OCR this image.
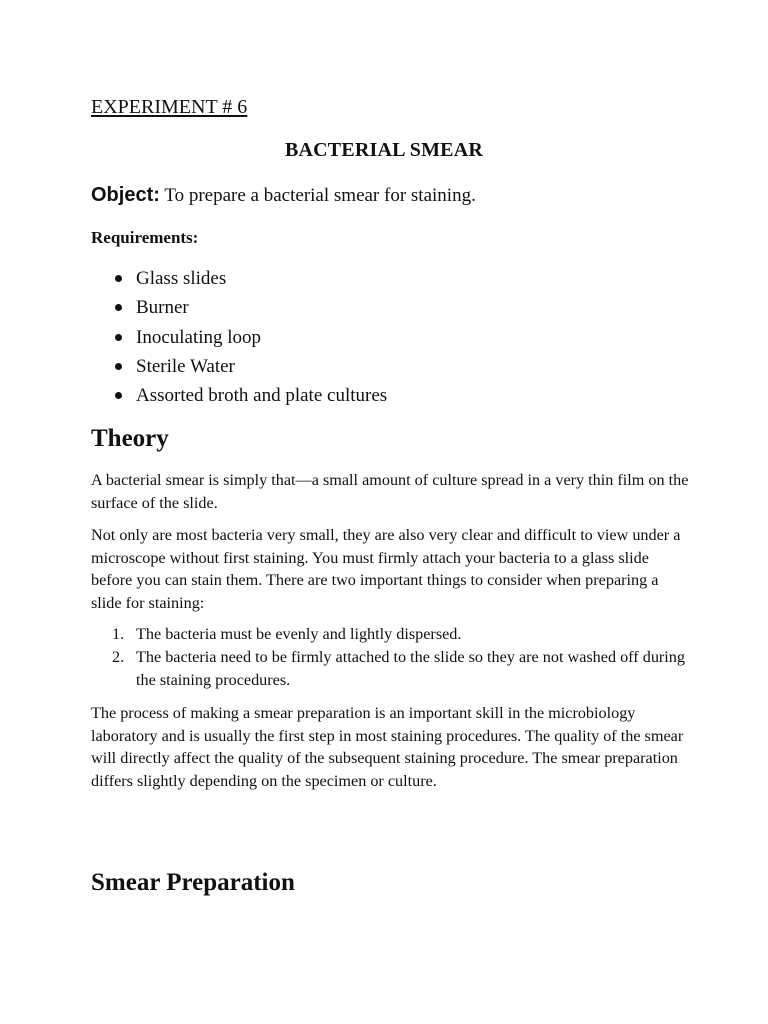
EXPERIMENT # 6

BACTERIAL SMEAR

Object: To prepare a bacterial smear for staining.

Requirements:

Glass slides
Burner
Inoculating loop
Sterile Water
Assorted broth and plate cultures
Theory

A bacterial smear is simply that—a small amount of culture spread in a very thin film on the surface of the slide.

Not only are most bacteria very small, they are also very clear and difficult to view under a microscope without first staining. You must firmly attach your bacteria to a glass slide before you can stain them. There are two important things to consider when preparing a slide for staining:

1. The bacteria must be evenly and lightly dispersed.
2. The bacteria need to be firmly attached to the slide so they are not washed off during the staining procedures.

The process of making a smear preparation is an important skill in the microbiology laboratory and is usually the first step in most staining procedures. The quality of the smear will directly affect the quality of the subsequent staining procedure. The smear preparation differs slightly depending on the specimen or culture.

Smear Preparation
